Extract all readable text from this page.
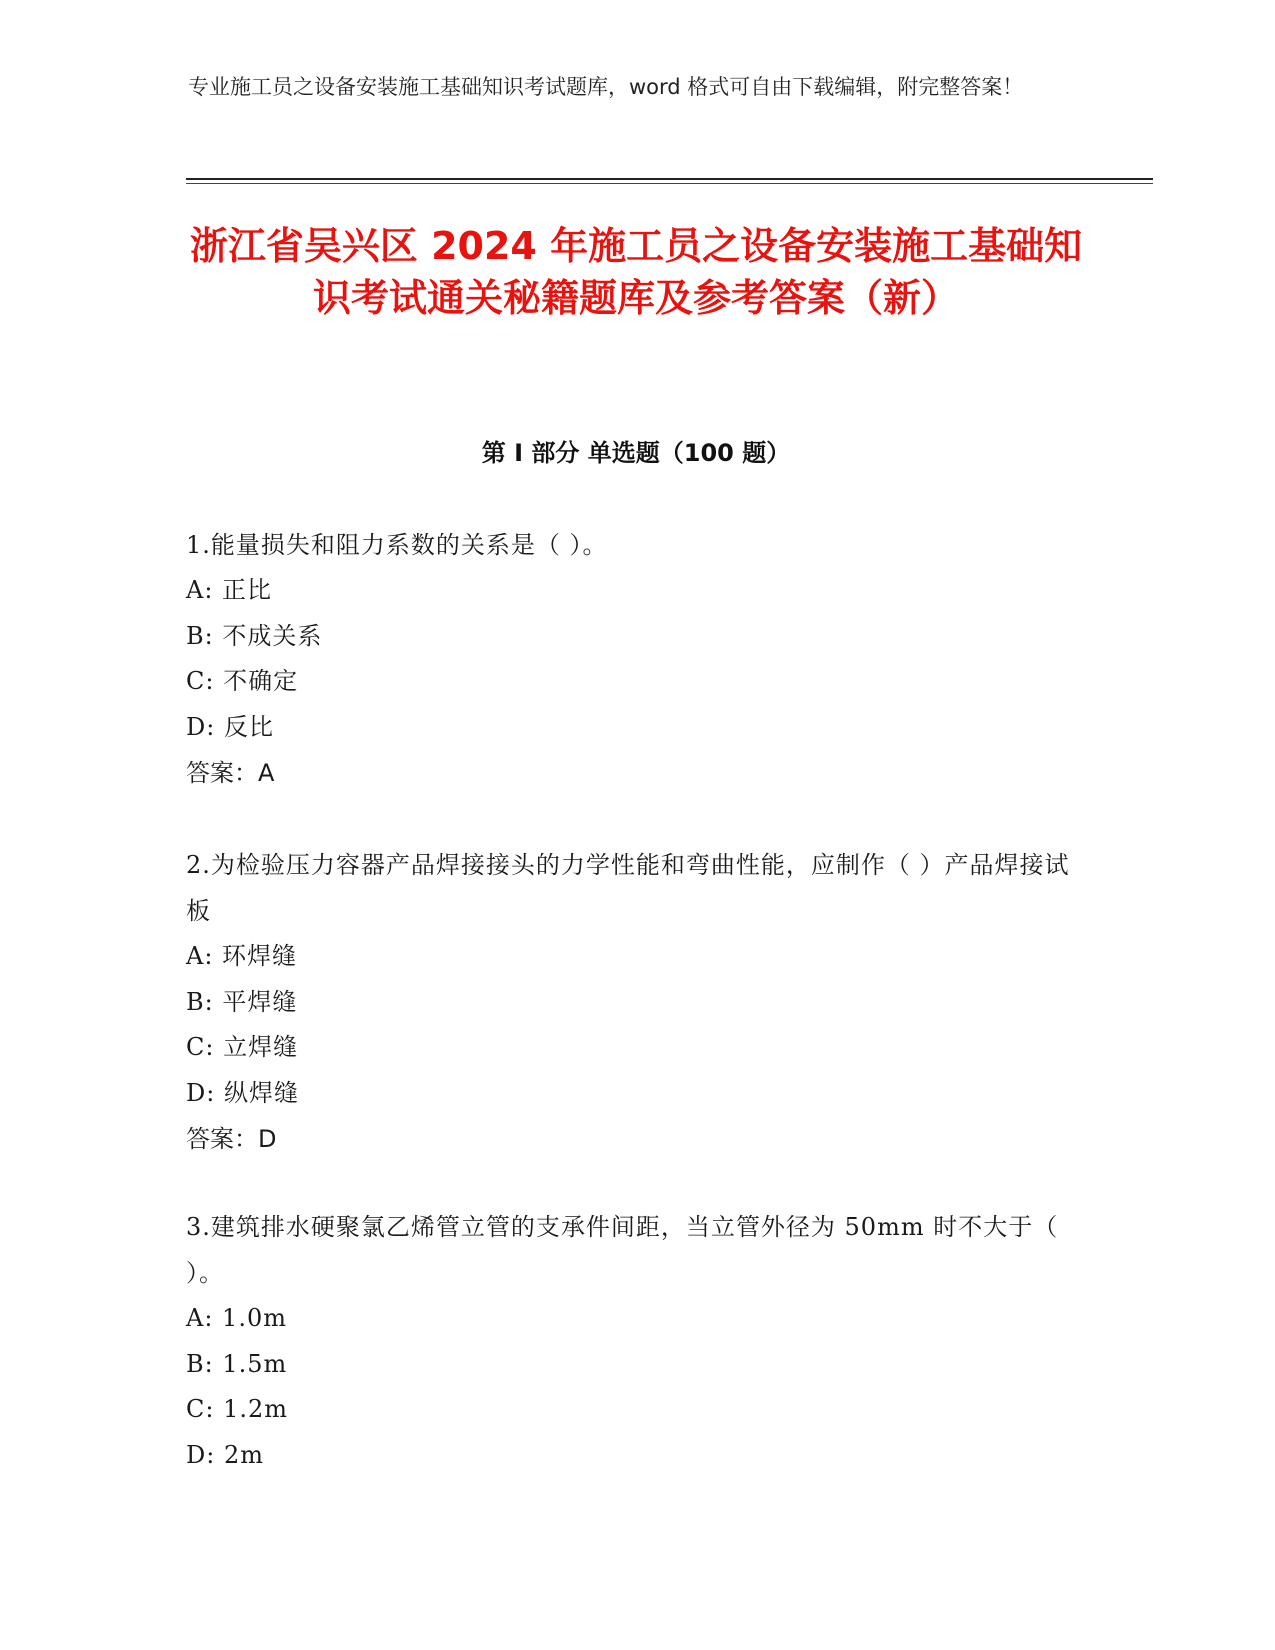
专业施工员之设备安装施工基础知识考试题库，word 格式可自由下载编辑，附完整答案！

浙江省吴兴区 2024 年施工员之设备安装施工基础知识考试通关秘籍题库及参考答案（新）
第 I 部分 单选题（100 题）

1.能量损失和阻力系数的关系是（ ）。

A: 正比

B: 不成关系

C: 不确定

D: 反比

答案：A

2.为检验压力容器产品焊接接头的力学性能和弯曲性能，应制作（ ）产品焊接试板

A: 环焊缝

B: 平焊缝

C: 立焊缝

D: 纵焊缝

答案：D

3.建筑排水硬聚氯乙烯管立管的支承件间距，当立管外径为 50mm 时不大于（ ）。

A: 1.0m

B: 1.5m

C: 1.2m

D: 2m
